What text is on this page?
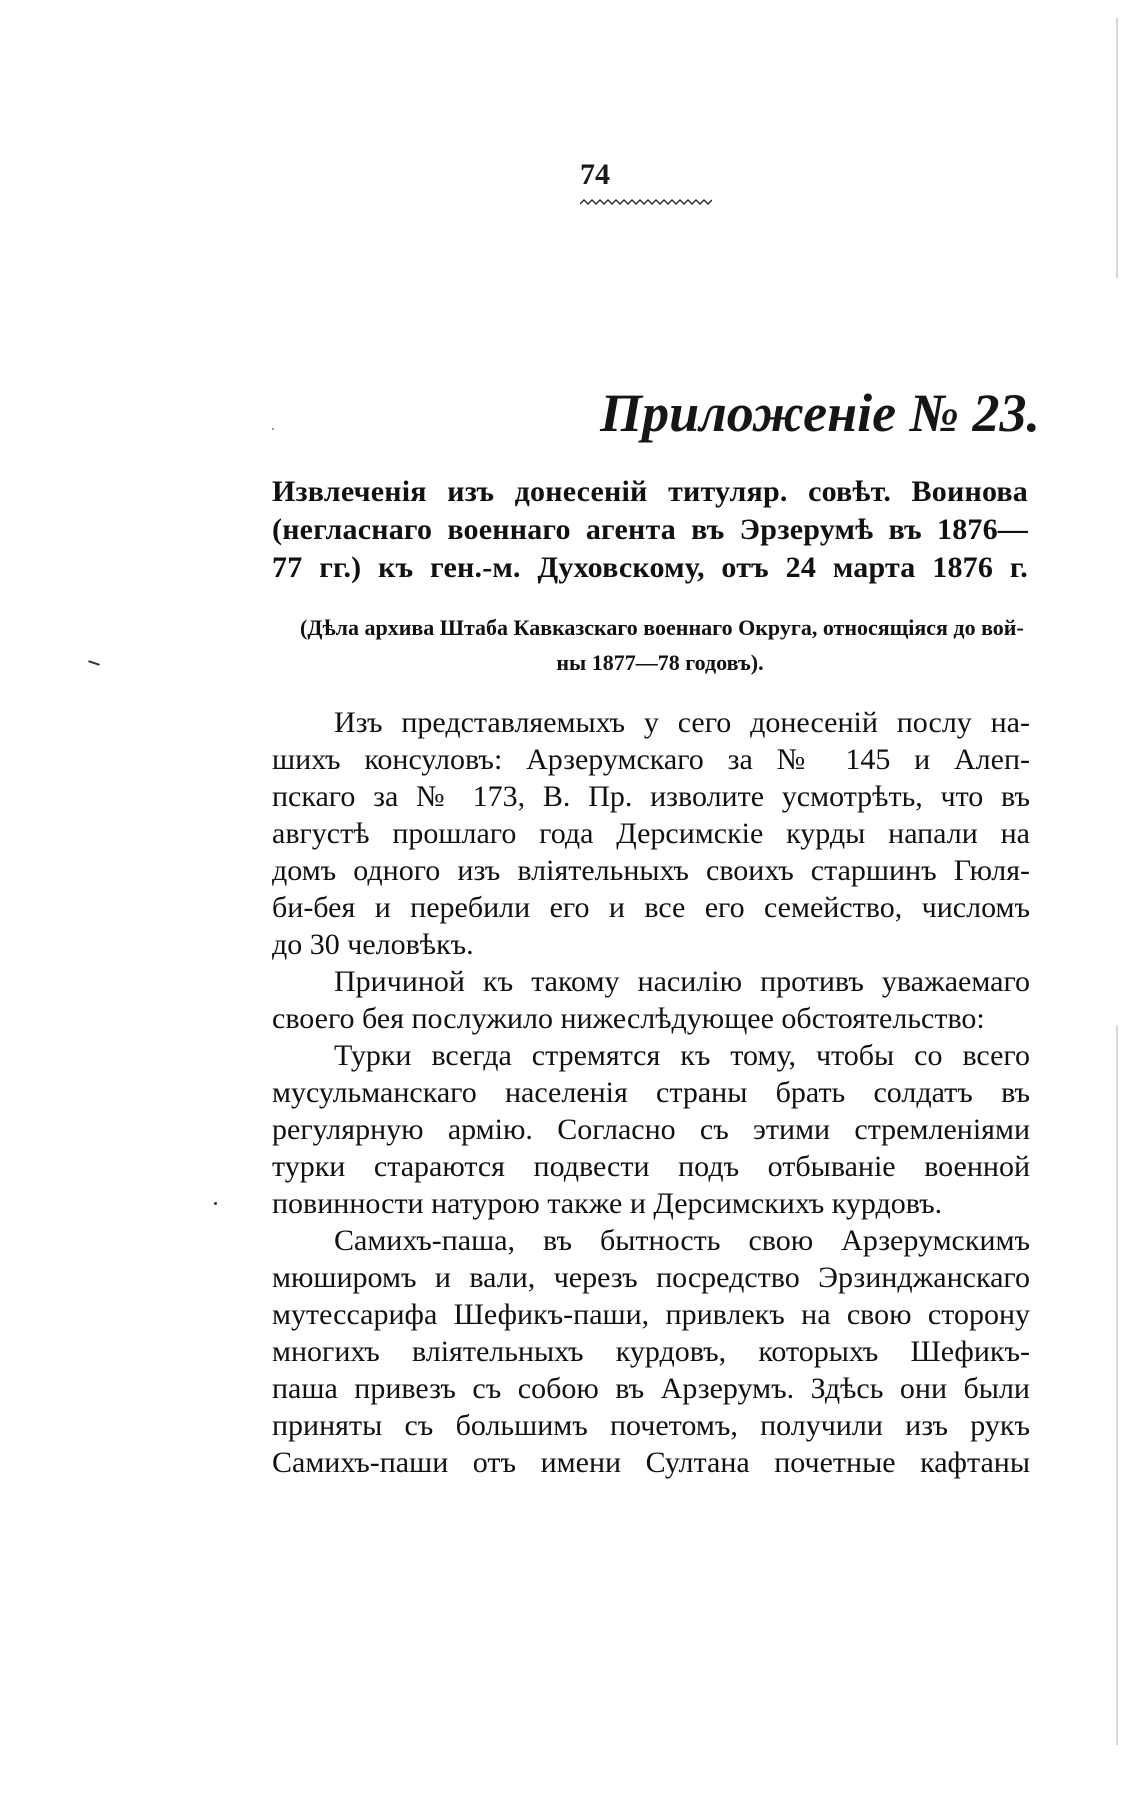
74
Приложенiе № 23.
Извлеченiя изъ донесенiй титуляр. совѣт. Воинова
(негласнаго военнаго агента въ Эрзерумѣ въ 1876—
77 гг.) къ ген.-м. Духовскому, отъ 24 марта 1876 г.
(Дѣла архива Штаба Кавказскаго военнаго Округа, относящiяся до вой-
ны 1877—78 годовъ).
Изъ представляемыхъ у сего донесенiй послу на-
шихъ консуловъ: Арзерумскаго за № 145 и Алеп-
пскаго за № 173, В. Пр. изволите усмотрѣть, что въ
августѣ прошлаго года Дерсимскiе курды напали на
домъ одного изъ влiятельныхъ своихъ старшинъ Гюля-
би-бея и перебили его и все его семейство, числомъ
до 30 человѣкъ.
Причиной къ такому насилiю противъ уважаемаго
своего бея послужило нижеслѣдующее обстоятельство:
Турки всегда стремятся къ тому, чтобы со всего
мусульманскаго населенiя страны брать солдатъ въ
регулярную армiю. Согласно съ этими стремленiями
турки стараются подвести подъ отбыванiе военной
повинности натурою также и Дерсимскихъ курдовъ.
Самихъ-паша, въ бытность свою Арзерумскимъ
мюширомъ и вали, черезъ посредство Эрзинджанскаго
мутессарифа Шефикъ-паши, привлекъ на свою сторону
многихъ влiятельныхъ курдовъ, которыхъ Шефикъ-
паша привезъ съ собою въ Арзерумъ. Здѣсь они были
приняты съ большимъ почетомъ, получили изъ рукъ
Самихъ-паши отъ имени Султана почетные кафтаны
